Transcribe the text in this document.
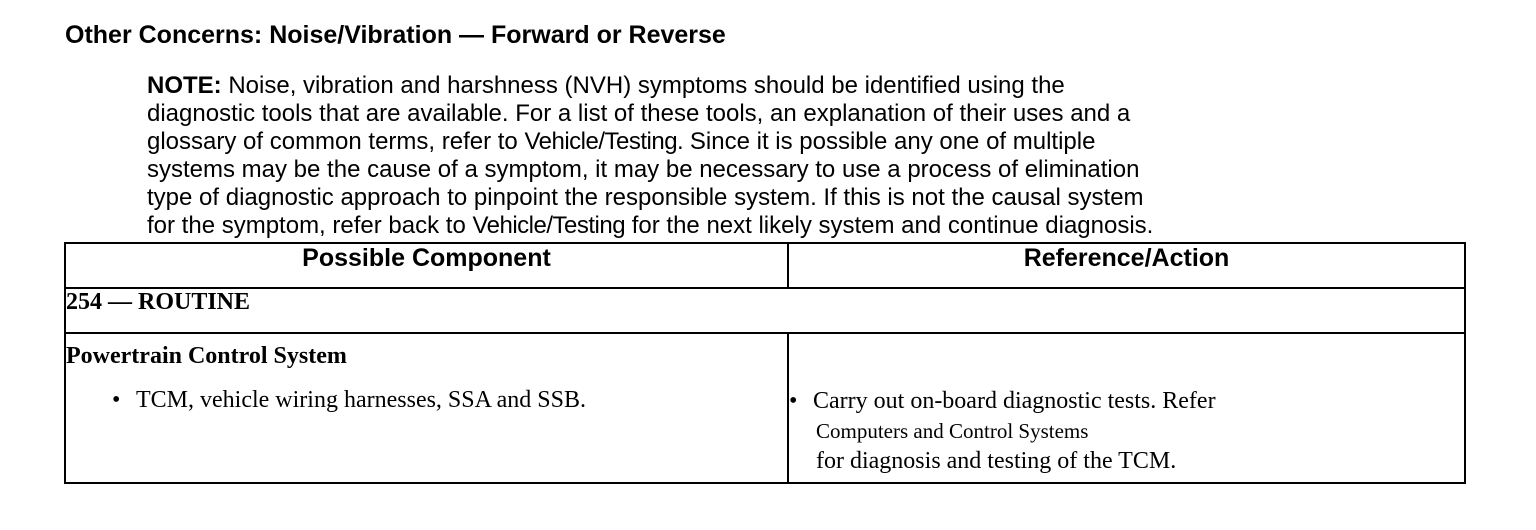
Other Concerns: Noise/Vibration — Forward or Reverse
NOTE: Noise, vibration and harshness (NVH) symptoms should be identified using the
diagnostic tools that are available. For a list of these tools, an explanation of their uses and a
glossary of common terms, refer to Vehicle/Testing. Since it is possible any one of multiple
systems may be the cause of a symptom, it may be necessary to use a process of elimination
type of diagnostic approach to pinpoint the responsible system. If this is not the causal system
for the symptom, refer back to Vehicle/Testing for the next likely system and continue diagnosis.
Possible Component	Reference/Action
254 — ROUTINE	

Powertrain Control System
• TCM, vehicle wiring harnesses, SSA and SSB.	• Carry out on-board diagnostic tests. Refer
Computers and Control Systems
for diagnosis and testing of the TCM.
